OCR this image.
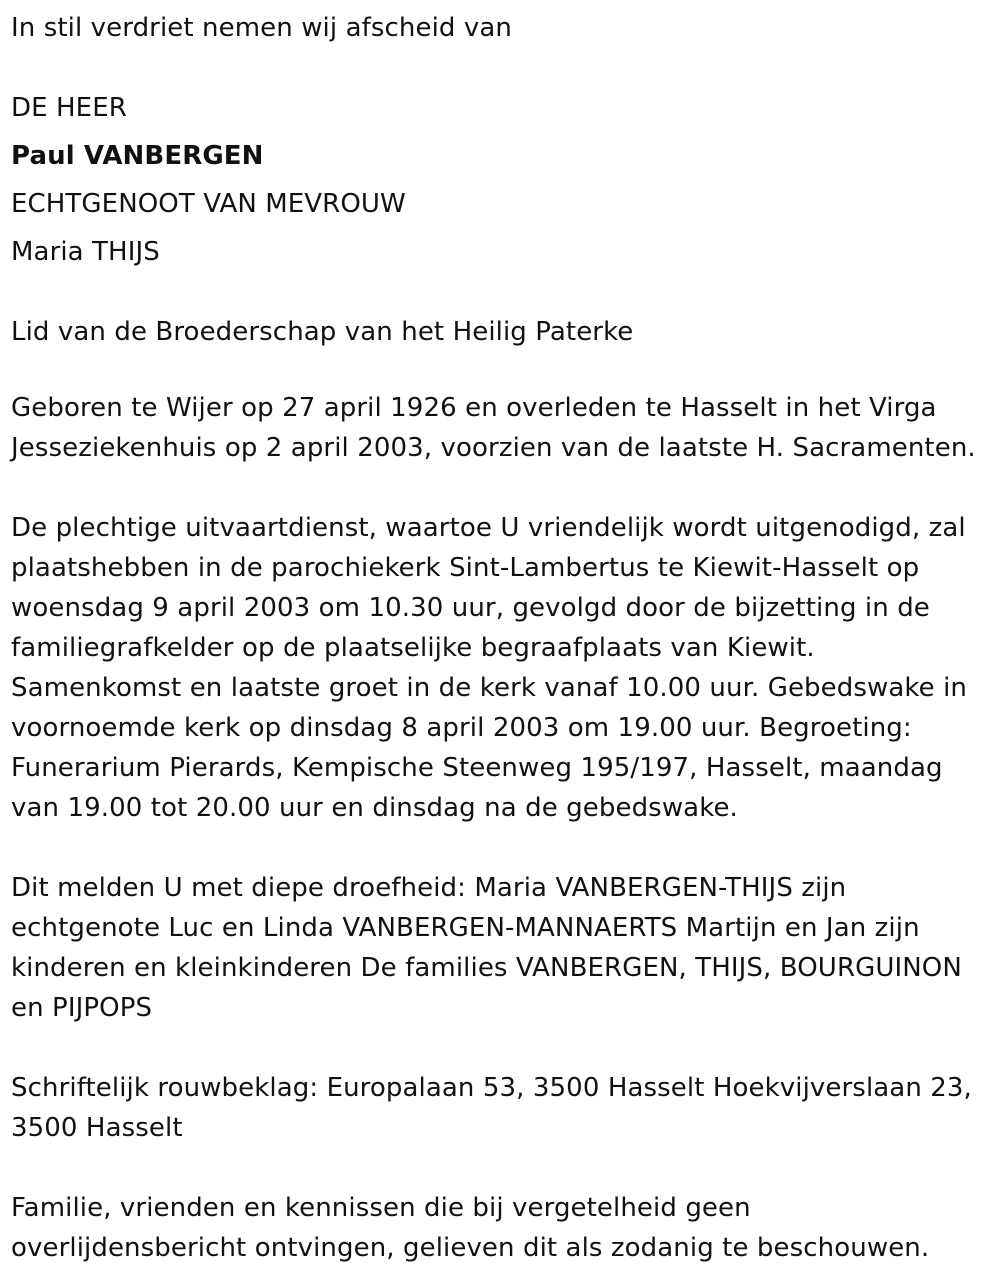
In stil verdriet nemen wij afscheid van

DE HEER

Paul VANBERGEN

ECHTGENOOT VAN MEVROUW

Maria THIJS

Lid van de Broederschap van het Heilig Paterke

Geboren te Wijer op 27 april 1926 en overleden te Hasselt in het Virga

Jesseziekenhuis op 2 april 2003, voorzien van de laatste H. Sacramenten.

De plechtige uitvaartdienst, waartoe U vriendelijk wordt uitgenodigd, zal

plaatshebben in de parochiekerk Sint-Lambertus te Kiewit-Hasselt op

woensdag 9 april 2003 om 10.30 uur, gevolgd door de bijzetting in de

familiegrafkelder op de plaatselijke begraafplaats van Kiewit.

Samenkomst en laatste groet in de kerk vanaf 10.00 uur. Gebedswake in

voornoemde kerk op dinsdag 8 april 2003 om 19.00 uur. Begroeting:

Funerarium Pierards, Kempische Steenweg 195/197, Hasselt, maandag

van 19.00 tot 20.00 uur en dinsdag na de gebedswake.

Dit melden U met diepe droefheid: Maria VANBERGEN-THIJS zijn

echtgenote Luc en Linda VANBERGEN-MANNAERTS Martijn en Jan zijn

kinderen en kleinkinderen De families VANBERGEN, THIJS, BOURGUINON

en PIJPOPS

Schriftelijk rouwbeklag: Europalaan 53, 3500 Hasselt Hoekvijverslaan 23,

3500 Hasselt

Familie, vrienden en kennissen die bij vergetelheid geen

overlijdensbericht ontvingen, gelieven dit als zodanig te beschouwen.
